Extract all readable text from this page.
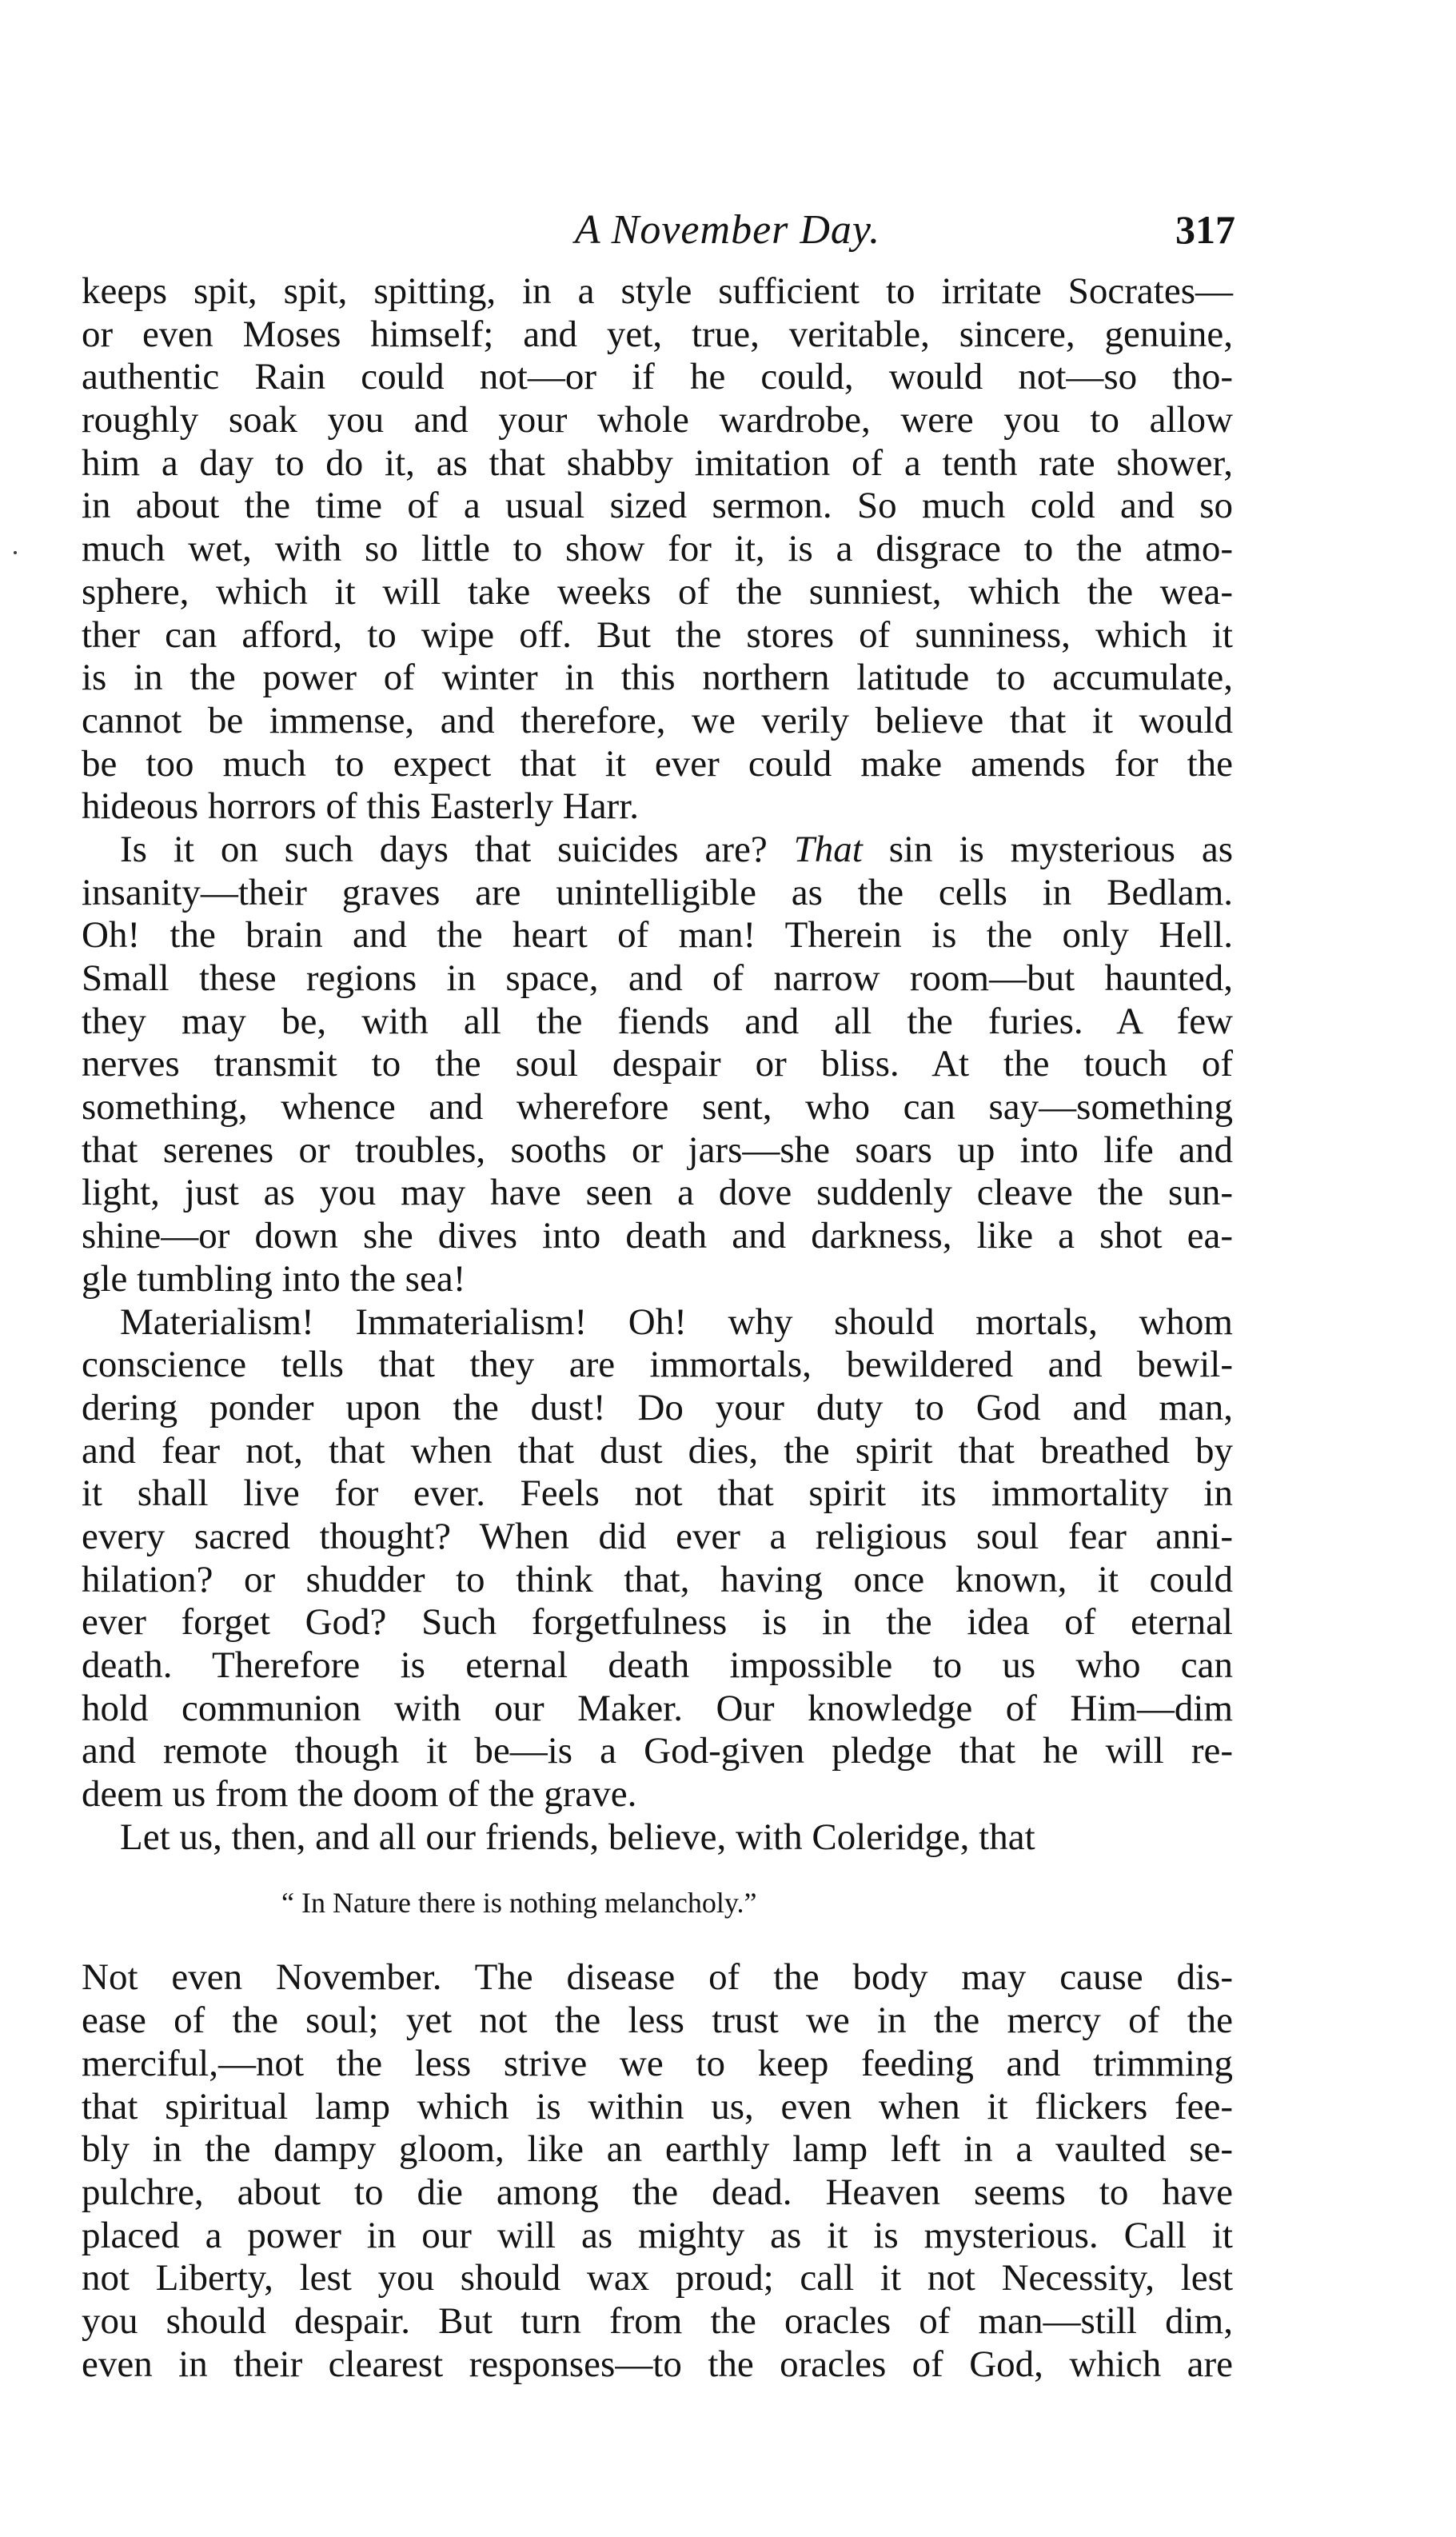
A November Day.	317
keeps spit, spit, spitting, in a style sufficient to irritate Socrates—
or even Moses himself; and yet, true, veritable, sincere, genuine,
authentic Rain could not—or if he could, would not—so tho-
roughly soak you and your whole wardrobe, were you to allow
him a day to do it, as that shabby imitation of a tenth rate shower,
in about the time of a usual sized sermon. So much cold and so
much wet, with so little to show for it, is a disgrace to the atmo-
sphere, which it will take weeks of the sunniest, which the wea-
ther can afford, to wipe off. But the stores of sunniness, which it
is in the power of winter in this northern latitude to accumulate,
cannot be immense, and therefore, we verily believe that it would
be too much to expect that it ever could make amends for the
hideous horrors of this Easterly Harr.
Is it on such days that suicides are? That sin is mysterious as
insanity—their graves are unintelligible as the cells in Bedlam.
Oh! the brain and the heart of man! Therein is the only Hell.
Small these regions in space, and of narrow room—but haunted,
they may be, with all the fiends and all the furies. A few
nerves transmit to the soul despair or bliss. At the touch of
something, whence and wherefore sent, who can say—something
that serenes or troubles, sooths or jars—she soars up into life and
light, just as you may have seen a dove suddenly cleave the sun-
shine—or down she dives into death and darkness, like a shot ea-
gle tumbling into the sea!
Materialism! Immaterialism! Oh! why should mortals, whom
conscience tells that they are immortals, bewildered and bewil-
dering ponder upon the dust! Do your duty to God and man,
and fear not, that when that dust dies, the spirit that breathed by
it shall live for ever. Feels not that spirit its immortality in
every sacred thought? When did ever a religious soul fear anni-
hilation? or shudder to think that, having once known, it could
ever forget God? Such forgetfulness is in the idea of eternal
death. Therefore is eternal death impossible to us who can
hold communion with our Maker. Our knowledge of Him—dim
and remote though it be—is a God-given pledge that he will re-
deem us from the doom of the grave.
Let us, then, and all our friends, believe, with Coleridge, that
“ In Nature there is nothing melancholy.”
Not even November. The disease of the body may cause dis-
ease of the soul; yet not the less trust we in the mercy of the
merciful,—not the less strive we to keep feeding and trimming
that spiritual lamp which is within us, even when it flickers fee-
bly in the dampy gloom, like an earthly lamp left in a vaulted se-
pulchre, about to die among the dead. Heaven seems to have
placed a power in our will as mighty as it is mysterious. Call it
not Liberty, lest you should wax proud; call it not Necessity, lest
you should despair. But turn from the oracles of man—still dim,
even in their clearest responses—to the oracles of God, which are
